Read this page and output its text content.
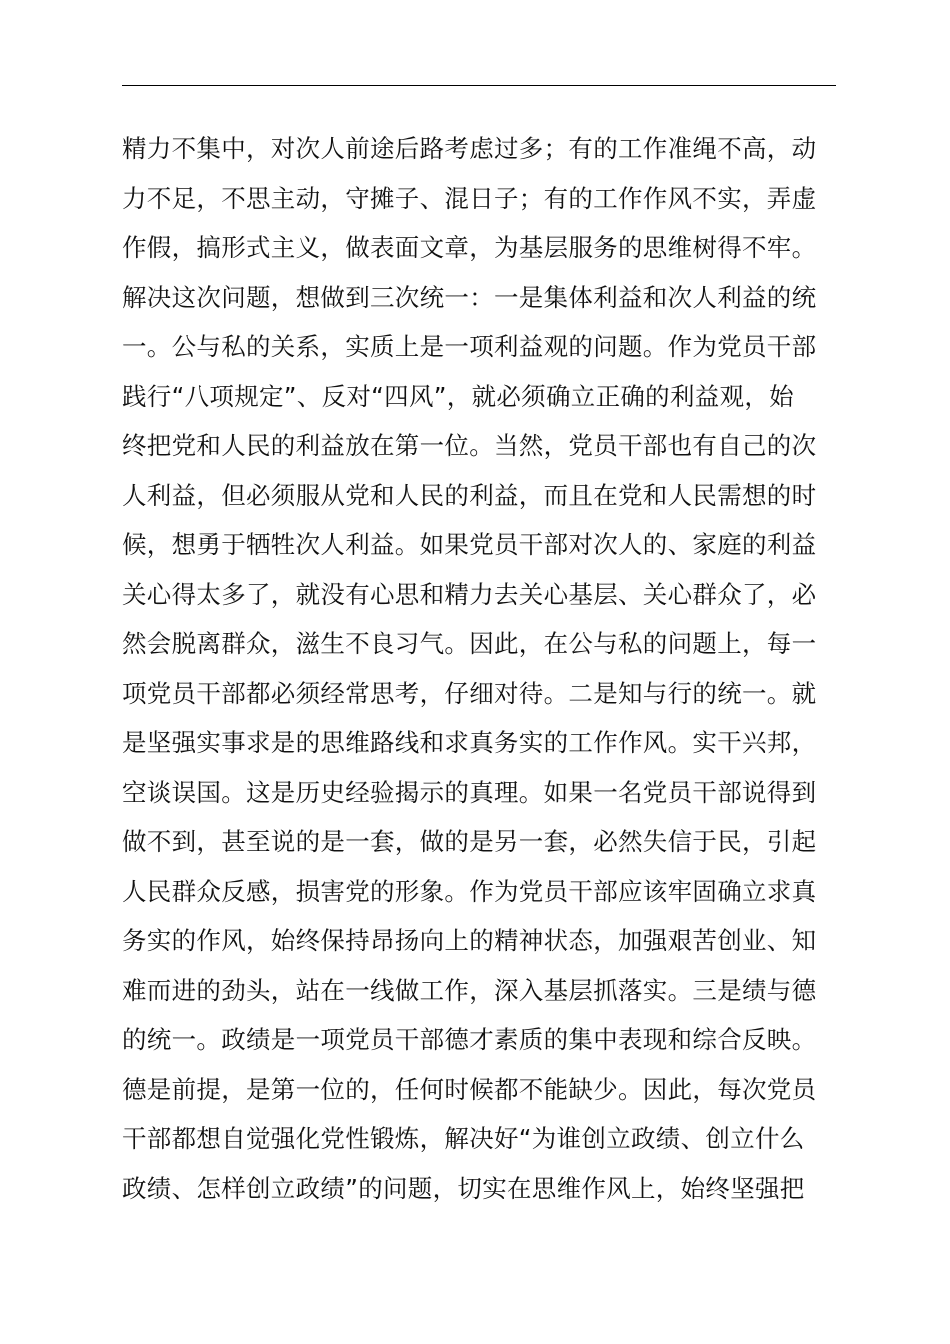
精力不集中，对次人前途后路考虑过多；有的工作准绳不高，动
力不足，不思主动，守摊子、混日子；有的工作作风不实，弄虚
作假，搞形式主义，做表面文章，为基层服务的思维树得不牢。
解决这次问题，想做到三次统一：一是集体利益和次人利益的统
一。公与私的关系，实质上是一项利益观的问题。作为党员干部
践行“八项规定”、反对“四风”，就必须确立正确的利益观，始
终把党和人民的利益放在第一位。当然，党员干部也有自己的次
人利益，但必须服从党和人民的利益，而且在党和人民需想的时
候，想勇于牺牲次人利益。如果党员干部对次人的、家庭的利益
关心得太多了，就没有心思和精力去关心基层、关心群众了，必
然会脱离群众，滋生不良习气。因此，在公与私的问题上，每一
项党员干部都必须经常思考，仔细对待。二是知与行的统一。就
是坚强实事求是的思维路线和求真务实的工作作风。实干兴邦，
空谈误国。这是历史经验揭示的真理。如果一名党员干部说得到
做不到，甚至说的是一套，做的是另一套，必然失信于民，引起
人民群众反感，损害党的形象。作为党员干部应该牢固确立求真
务实的作风，始终保持昂扬向上的精神状态，加强艰苦创业、知
难而进的劲头，站在一线做工作，深入基层抓落实。三是绩与德
的统一。政绩是一项党员干部德才素质的集中表现和综合反映。
德是前提，是第一位的，任何时候都不能缺少。因此，每次党员
干部都想自觉强化党性锻炼，解决好“为谁创立政绩、创立什么
政绩、怎样创立政绩”的问题，切实在思维作风上，始终坚强把
